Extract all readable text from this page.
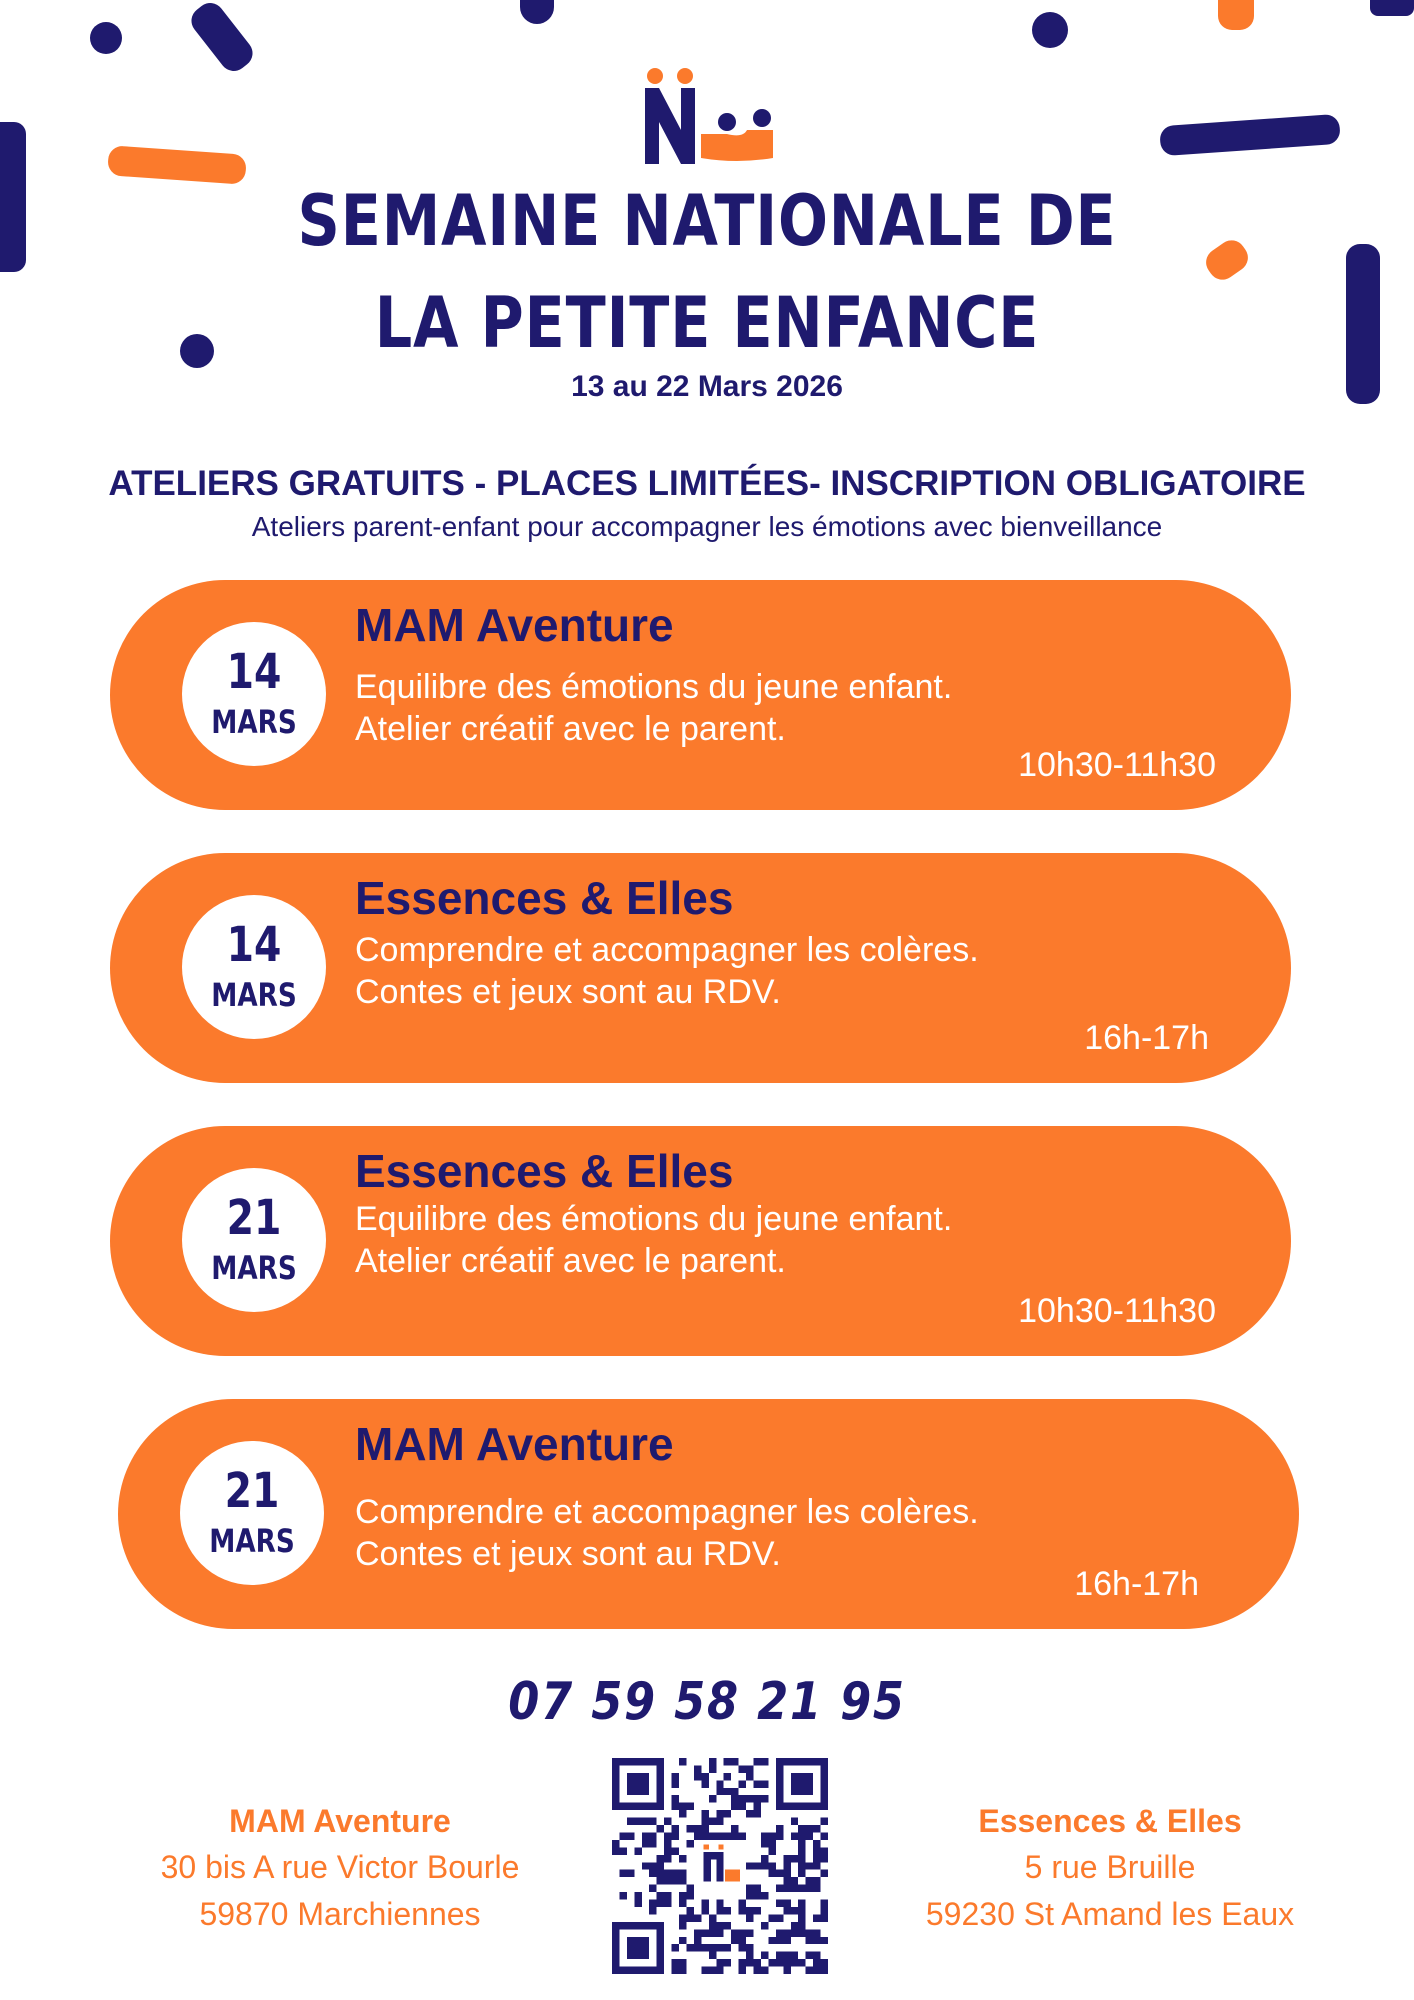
SEMAINE NATIONALE DE
LA PETITE ENFANCE
13 au 22 Mars 2026
ATELIERS GRATUITS - PLACES LIMITÉES- INSCRIPTION OBLIGATOIRE
Ateliers parent-enfant pour accompagner les émotions avec bienveillance
14
MARS
MAM Aventure
Equilibre des émotions du jeune enfant.
Atelier créatif avec le parent.
10h30-11h30
14
MARS
Essences & Elles
Comprendre et accompagner les colères.
Contes et jeux sont au RDV.
16h-17h
21
MARS
Essences & Elles
Equilibre des émotions du jeune enfant.
Atelier créatif avec le parent.
10h30-11h30
21
MARS
MAM Aventure
Comprendre et accompagner les colères.
Contes et jeux sont au RDV.
16h-17h
07 59 58 21 95
MAM Aventure
30 bis A rue Victor Bourle
59870 Marchiennes
Essences & Elles
5 rue Bruille
59230 St Amand les Eaux
